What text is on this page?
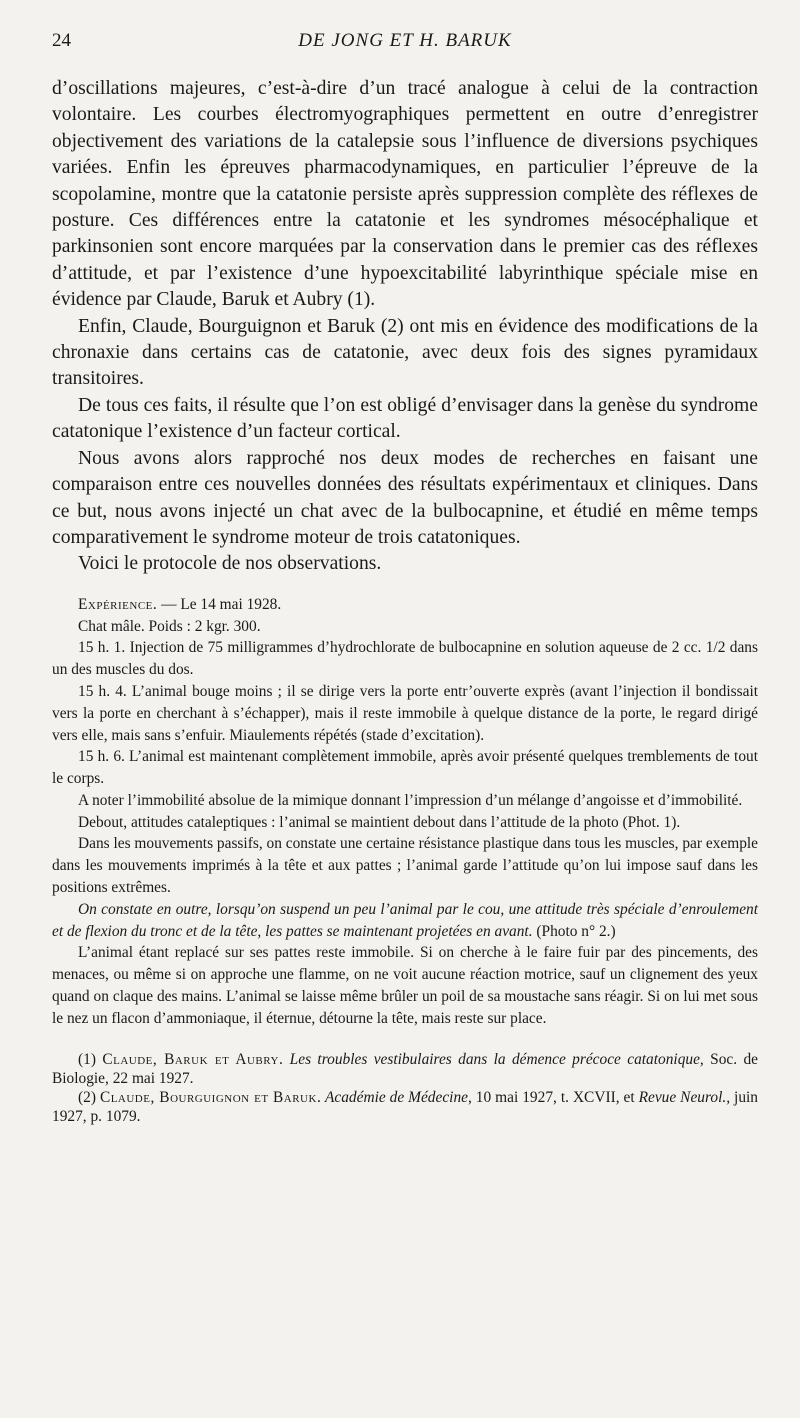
24	DE JONG ET H. BARUK

d’oscillations majeures, c’est-à-dire d’un tracé analogue à celui de la contraction volontaire. Les courbes électromyographiques permettent en outre d’enregistrer objectivement des variations de la catalepsie sous l’influence de diversions psychiques variées. Enfin les épreuves pharmacodynamiques, en particulier l’épreuve de la scopolamine, montre que la catatonie persiste après suppression complète des réflexes de posture. Ces différences entre la catatonie et les syndromes mésocéphalique et parkinsonien sont encore marquées par la conservation dans le premier cas des réflexes d’attitude, et par l’existence d’une hypoexcitabilité labyrinthique spéciale mise en évidence par Claude, Baruk et Aubry (1).

Enfin, Claude, Bourguignon et Baruk (2) ont mis en évidence des modifications de la chronaxie dans certains cas de catatonie, avec deux fois des signes pyramidaux transitoires.

De tous ces faits, il résulte que l’on est obligé d’envisager dans la genèse du syndrome catatonique l’existence d’un facteur cortical.

Nous avons alors rapproché nos deux modes de recherches en faisant une comparaison entre ces nouvelles données des résultats expérimentaux et cliniques. Dans ce but, nous avons injecté un chat avec de la bulbocapnine, et étudié en même temps comparativement le syndrome moteur de trois catatoniques.

Voici le protocole de nos observations.

Expérience. — Le 14 mai 1928.

Chat mâle. Poids : 2 kgr. 300.

15 h. 1. Injection de 75 milligrammes d’hydrochlorate de bulbocapnine en solution aqueuse de 2 cc. 1/2 dans un des muscles du dos.

15 h. 4. L’animal bouge moins ; il se dirige vers la porte entr’ouverte exprès (avant l’injection il bondissait vers la porte en cherchant à s’échapper), mais il reste immobile à quelque distance de la porte, le regard dirigé vers elle, mais sans s’enfuir. Miaulements répétés (stade d’excitation).

15 h. 6. L’animal est maintenant complètement immobile, après avoir présenté quelques tremblements de tout le corps.

A noter l’immobilité absolue de la mimique donnant l’impression d’un mélange d’angoisse et d’immobilité.

Debout, attitudes cataleptiques : l’animal se maintient debout dans l’attitude de la photo (Phot. 1).

Dans les mouvements passifs, on constate une certaine résistance plastique dans tous les muscles, par exemple dans les mouvements imprimés à la tête et aux pattes ; l’animal garde l’attitude qu’on lui impose sauf dans les positions extrêmes.

On constate en outre, lorsqu’on suspend un peu l’animal par le cou, une attitude très spéciale d’enroulement et de flexion du tronc et de la tête, les pattes se maintenant projetées en avant. (Photo n° 2.)

L’animal étant replacé sur ses pattes reste immobile. Si on cherche à le faire fuir par des pincements, des menaces, ou même si on approche une flamme, on ne voit aucune réaction motrice, sauf un clignement des yeux quand on claque des mains. L’animal se laisse même brûler un poil de sa moustache sans réagir. Si on lui met sous le nez un flacon d’ammoniaque, il éternue, détourne la tête, mais reste sur place.

(1) Claude, Baruk et Aubry. Les troubles vestibulaires dans la démence précoce catatonique, Soc. de Biologie, 22 mai 1927.

(2) Claude, Bourguignon et Baruk. Académie de Médecine, 10 mai 1927, t. XCVII, et Revue Neurol., juin 1927, p. 1079.
